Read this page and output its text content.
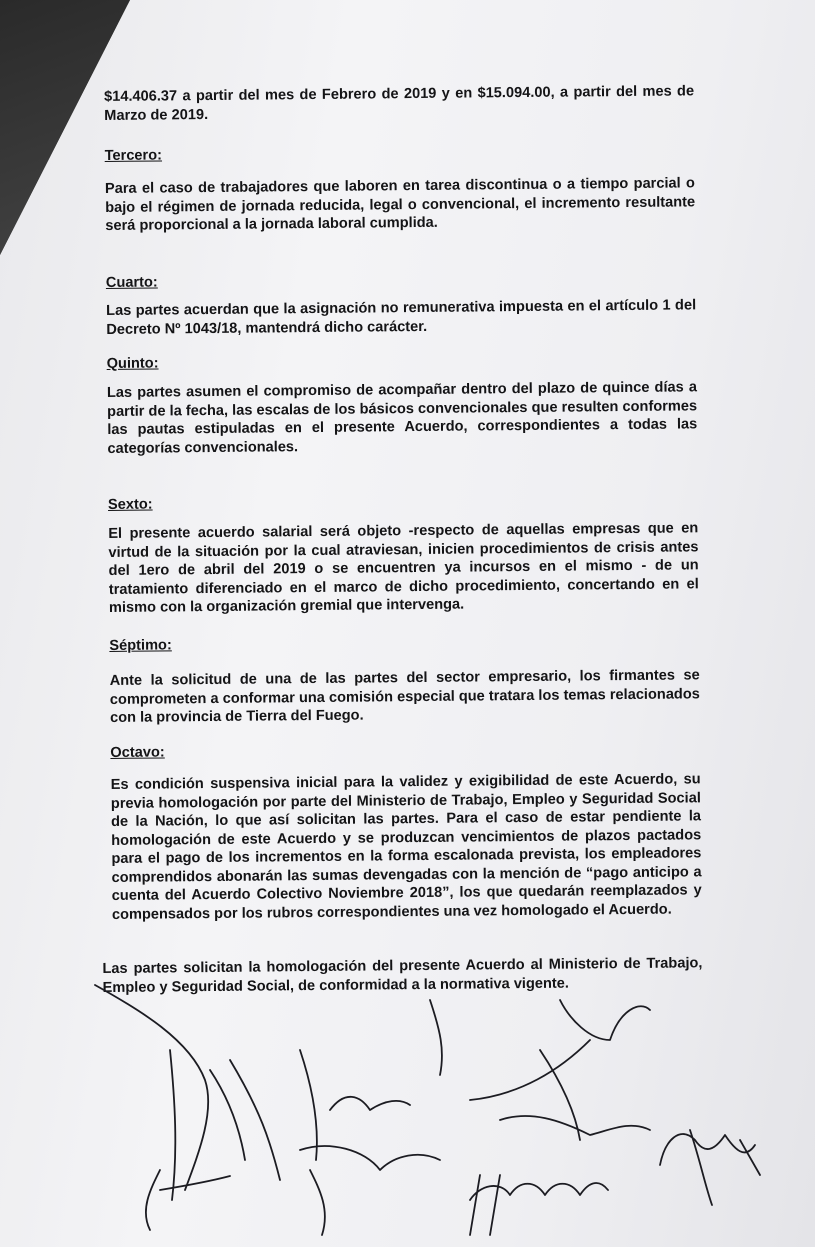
$14.406.37 a partir del mes de Febrero de 2019 y en $15.094.00, a partir del mes de Marzo de 2019.

Tercero:

Para el caso de trabajadores que laboren en tarea discontinua o a tiempo parcial o bajo el régimen de jornada reducida, legal o convencional, el incremento resultante será proporcional a la jornada laboral cumplida.

Cuarto:

Las partes acuerdan que la asignación no remunerativa impuesta en el artículo 1 del Decreto Nº 1043/18, mantendrá dicho carácter.

Quinto:

Las partes asumen el compromiso de acompañar dentro del plazo de quince días a partir de la fecha, las escalas de los básicos convencionales que resulten conformes las pautas estipuladas en el presente Acuerdo, correspondientes a todas las categorías convencionales.

Sexto:

El presente acuerdo salarial será objeto -respecto de aquellas empresas que en virtud de la situación por la cual atraviesan, inicien procedimientos de crisis antes del 1ero de abril del 2019 o se encuentren ya incursos en el mismo - de un tratamiento diferenciado en el marco de dicho procedimiento, concertando en el mismo con la organización gremial que intervenga.

Séptimo:

Ante la solicitud de una de las partes del sector empresario, los firmantes se comprometen a conformar una comisión especial que tratara los temas relacionados con la provincia de Tierra del Fuego.

Octavo:

Es condición suspensiva inicial para la validez y exigibilidad de este Acuerdo, su previa homologación por parte del Ministerio de Trabajo, Empleo y Seguridad Social de la Nación, lo que así solicitan las partes. Para el caso de estar pendiente la homologación de este Acuerdo y se produzcan vencimientos de plazos pactados para el pago de los incrementos en la forma escalonada prevista, los empleadores comprendidos abonarán las sumas devengadas con la mención de “pago anticipo a cuenta del Acuerdo Colectivo Noviembre 2018”, los que quedarán reemplazados y compensados por los rubros correspondientes una vez homologado el Acuerdo.

Las partes solicitan la homologación del presente Acuerdo al Ministerio de Trabajo, Empleo y Seguridad Social, de conformidad a la normativa vigente.
